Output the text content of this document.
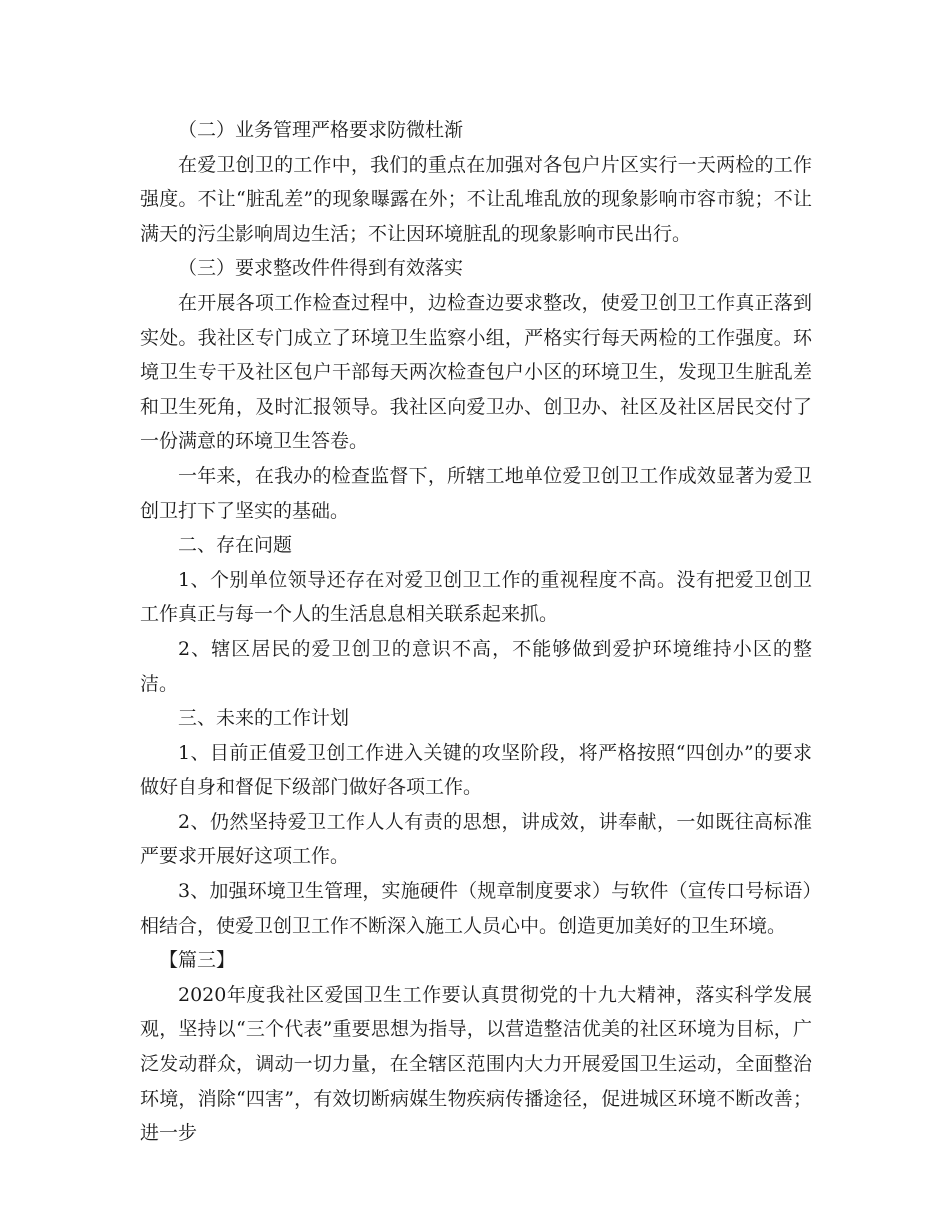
（二）业务管理严格要求防微杜渐

在爱卫创卫的工作中，我们的重点在加强对各包户片区实行一天两检的工作强度。不让“脏乱差”的现象曝露在外；不让乱堆乱放的现象影响市容市貌；不让满天的污尘影响周边生活；不让因环境脏乱的现象影响市民出行。

（三）要求整改件件得到有效落实

在开展各项工作检查过程中，边检查边要求整改，使爱卫创卫工作真正落到实处。我社区专门成立了环境卫生监察小组，严格实行每天两检的工作强度。环境卫生专干及社区包户干部每天两次检查包户小区的环境卫生，发现卫生脏乱差和卫生死角，及时汇报领导。我社区向爱卫办、创卫办、社区及社区居民交付了一份满意的环境卫生答卷。

一年来，在我办的检查监督下，所辖工地单位爱卫创卫工作成效显著为爱卫创卫打下了坚实的基础。

二、存在问题

1、个别单位领导还存在对爱卫创卫工作的重视程度不高。没有把爱卫创卫工作真正与每一个人的生活息息相关联系起来抓。

2、辖区居民的爱卫创卫的意识不高，不能够做到爱护环境维持小区的整洁。

三、未来的工作计划

1、目前正值爱卫创工作进入关键的攻坚阶段，将严格按照“四创办”的要求做好自身和督促下级部门做好各项工作。

2、仍然坚持爱卫工作人人有责的思想，讲成效，讲奉献，一如既往高标准严要求开展好这项工作。

3、加强环境卫生管理，实施硬件（规章制度要求）与软件（宣传口号标语）相结合，使爱卫创卫工作不断深入施工人员心中。创造更加美好的卫生环境。

【篇三】

2020年度我社区爱国卫生工作要认真贯彻党的十九大精神，落实科学发展观，坚持以“三个代表”重要思想为指导，以营造整洁优美的社区环境为目标，广泛发动群众，调动一切力量，在全辖区范围内大力开展爱国卫生运动，全面整治环境，消除“四害”，有效切断病媒生物疾病传播途径，促进城区环境不断改善；进一步
